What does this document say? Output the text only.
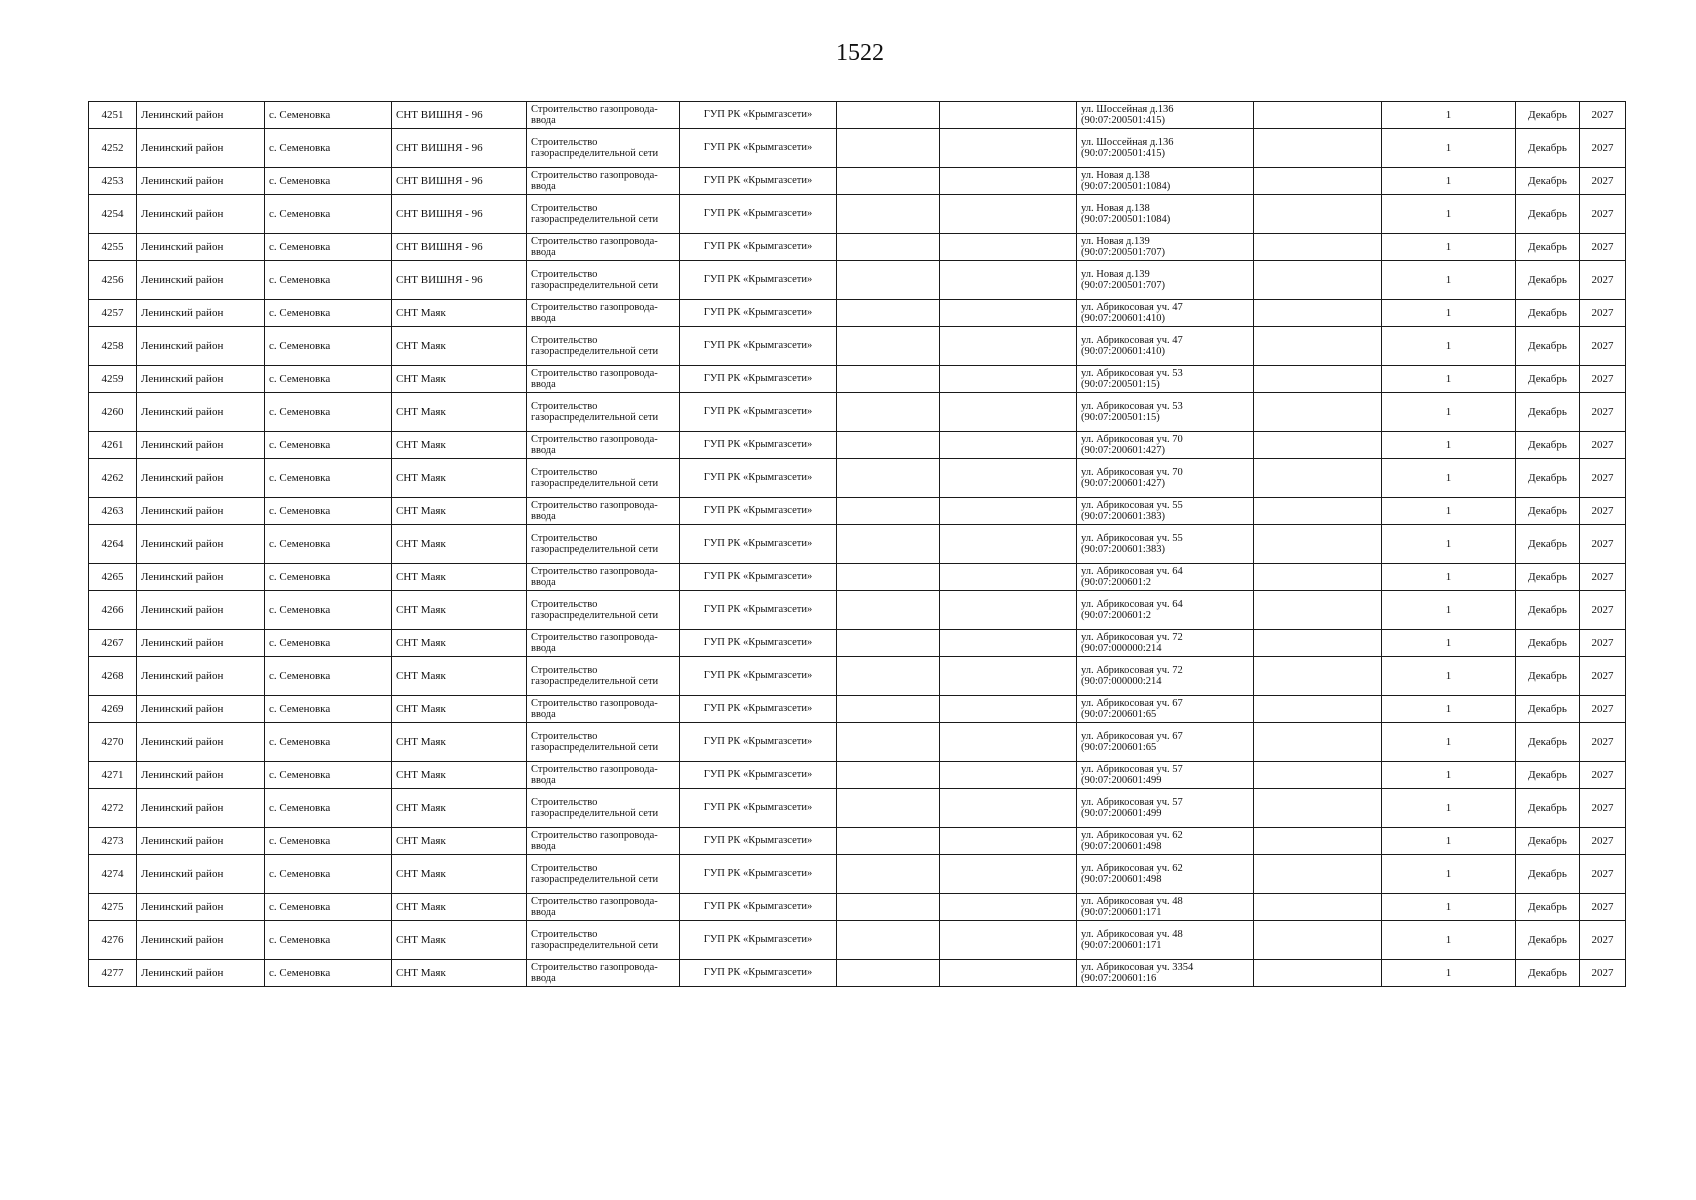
1522
4251	Ленинский район	с. Семеновка	СНТ ВИШНЯ - 96	Строительство газопровода-ввода	ГУП РК «Крымгазсети»			ул. Шоссейная д.136
(90:07:200501:415)		1	Декабрь	2027
4252	Ленинский район	с. Семеновка	СНТ ВИШНЯ - 96	Строительство газораспределительной сети	ГУП РК «Крымгазсети»			ул. Шоссейная д.136
(90:07:200501:415)		1	Декабрь	2027
4253	Ленинский район	с. Семеновка	СНТ ВИШНЯ - 96	Строительство газопровода-ввода	ГУП РК «Крымгазсети»			ул. Новая д.138
(90:07:200501:1084)		1	Декабрь	2027
4254	Ленинский район	с. Семеновка	СНТ ВИШНЯ - 96	Строительство газораспределительной сети	ГУП РК «Крымгазсети»			ул. Новая д.138
(90:07:200501:1084)		1	Декабрь	2027
4255	Ленинский район	с. Семеновка	СНТ ВИШНЯ - 96	Строительство газопровода-ввода	ГУП РК «Крымгазсети»			ул. Новая д.139
(90:07:200501:707)		1	Декабрь	2027
4256	Ленинский район	с. Семеновка	СНТ ВИШНЯ - 96	Строительство газораспределительной сети	ГУП РК «Крымгазсети»			ул. Новая д.139
(90:07:200501:707)		1	Декабрь	2027
4257	Ленинский район	с. Семеновка	СНТ Маяк	Строительство газопровода-ввода	ГУП РК «Крымгазсети»			ул. Абрикосовая уч. 47
(90:07:200601:410)		1	Декабрь	2027
4258	Ленинский район	с. Семеновка	СНТ Маяк	Строительство газораспределительной сети	ГУП РК «Крымгазсети»			ул. Абрикосовая уч. 47
(90:07:200601:410)		1	Декабрь	2027
4259	Ленинский район	с. Семеновка	СНТ Маяк	Строительство газопровода-ввода	ГУП РК «Крымгазсети»			ул. Абрикосовая уч. 53
(90:07:200501:15)		1	Декабрь	2027
4260	Ленинский район	с. Семеновка	СНТ Маяк	Строительство газораспределительной сети	ГУП РК «Крымгазсети»			ул. Абрикосовая уч. 53
(90:07:200501:15)		1	Декабрь	2027
4261	Ленинский район	с. Семеновка	СНТ Маяк	Строительство газопровода-ввода	ГУП РК «Крымгазсети»			ул. Абрикосовая уч. 70
(90:07:200601:427)		1	Декабрь	2027
4262	Ленинский район	с. Семеновка	СНТ Маяк	Строительство газораспределительной сети	ГУП РК «Крымгазсети»			ул. Абрикосовая уч. 70
(90:07:200601:427)		1	Декабрь	2027
4263	Ленинский район	с. Семеновка	СНТ Маяк	Строительство газопровода-ввода	ГУП РК «Крымгазсети»			ул. Абрикосовая уч. 55
(90:07:200601:383)		1	Декабрь	2027
4264	Ленинский район	с. Семеновка	СНТ Маяк	Строительство газораспределительной сети	ГУП РК «Крымгазсети»			ул. Абрикосовая уч. 55
(90:07:200601:383)		1	Декабрь	2027
4265	Ленинский район	с. Семеновка	СНТ Маяк	Строительство газопровода-ввода	ГУП РК «Крымгазсети»			ул. Абрикосовая уч. 64
(90:07:200601:2		1	Декабрь	2027
4266	Ленинский район	с. Семеновка	СНТ Маяк	Строительство газораспределительной сети	ГУП РК «Крымгазсети»			ул. Абрикосовая уч. 64
(90:07:200601:2		1	Декабрь	2027
4267	Ленинский район	с. Семеновка	СНТ Маяк	Строительство газопровода-ввода	ГУП РК «Крымгазсети»			ул. Абрикосовая уч. 72
(90:07:000000:214		1	Декабрь	2027
4268	Ленинский район	с. Семеновка	СНТ Маяк	Строительство газораспределительной сети	ГУП РК «Крымгазсети»			ул. Абрикосовая уч. 72
(90:07:000000:214		1	Декабрь	2027
4269	Ленинский район	с. Семеновка	СНТ Маяк	Строительство газопровода-ввода	ГУП РК «Крымгазсети»			ул. Абрикосовая уч. 67
(90:07:200601:65		1	Декабрь	2027
4270	Ленинский район	с. Семеновка	СНТ Маяк	Строительство газораспределительной сети	ГУП РК «Крымгазсети»			ул. Абрикосовая уч. 67
(90:07:200601:65		1	Декабрь	2027
4271	Ленинский район	с. Семеновка	СНТ Маяк	Строительство газопровода-ввода	ГУП РК «Крымгазсети»			ул. Абрикосовая уч. 57
(90:07:200601:499		1	Декабрь	2027
4272	Ленинский район	с. Семеновка	СНТ Маяк	Строительство газораспределительной сети	ГУП РК «Крымгазсети»			ул. Абрикосовая уч. 57
(90:07:200601:499		1	Декабрь	2027
4273	Ленинский район	с. Семеновка	СНТ Маяк	Строительство газопровода-ввода	ГУП РК «Крымгазсети»			ул. Абрикосовая уч. 62
(90:07:200601:498		1	Декабрь	2027
4274	Ленинский район	с. Семеновка	СНТ Маяк	Строительство газораспределительной сети	ГУП РК «Крымгазсети»			ул. Абрикосовая уч. 62
(90:07:200601:498		1	Декабрь	2027
4275	Ленинский район	с. Семеновка	СНТ Маяк	Строительство газопровода-ввода	ГУП РК «Крымгазсети»			ул. Абрикосовая уч. 48
(90:07:200601:171		1	Декабрь	2027
4276	Ленинский район	с. Семеновка	СНТ Маяк	Строительство газораспределительной сети	ГУП РК «Крымгазсети»			ул. Абрикосовая уч. 48
(90:07:200601:171		1	Декабрь	2027
4277	Ленинский район	с. Семеновка	СНТ Маяк	Строительство газопровода-ввода	ГУП РК «Крымгазсети»			ул. Абрикосовая уч. 3354
(90:07:200601:16		1	Декабрь	2027
